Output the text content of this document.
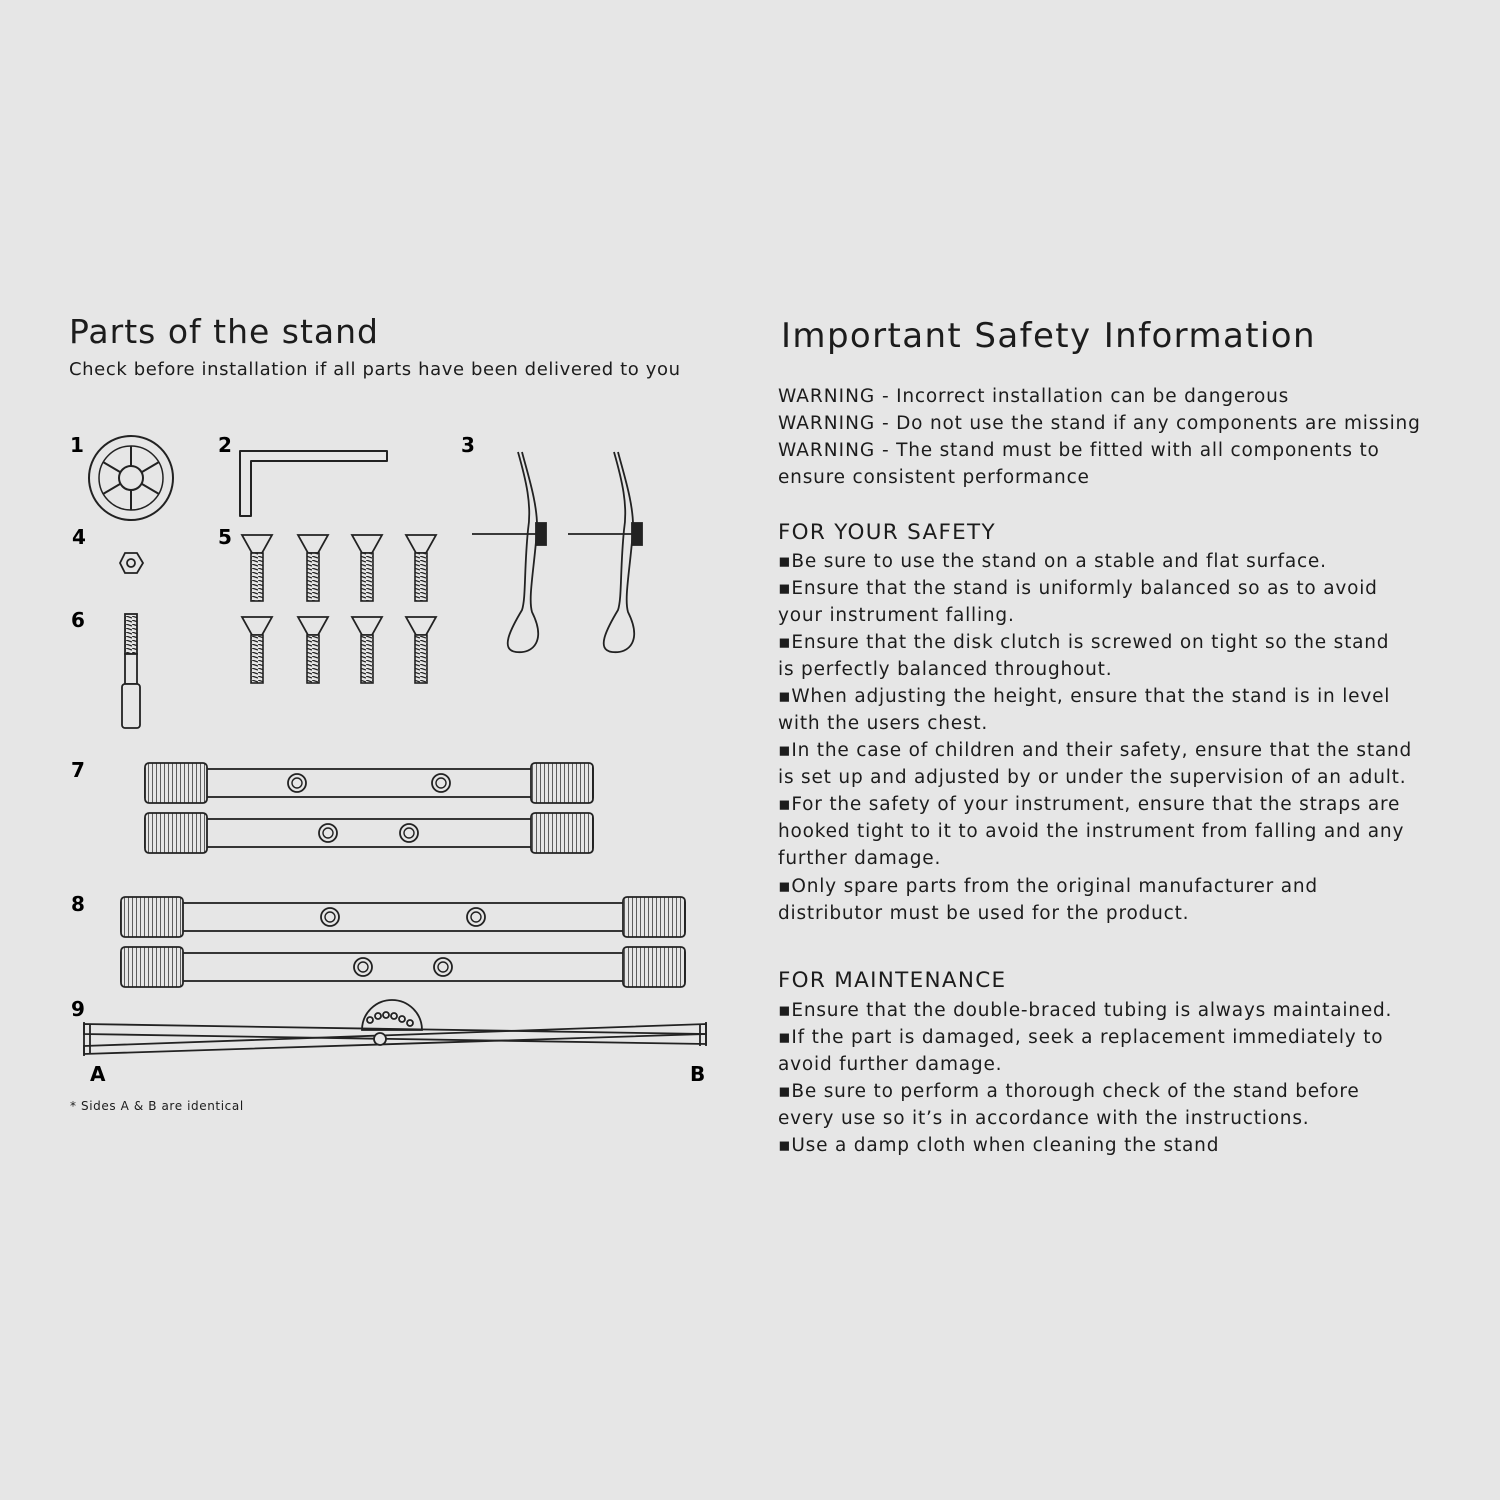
Parts of the stand
Check before installation if all parts have been delivered to you
1	2	3
4	5
6
7
8
9
A	B
* Sides A & B are identical
Important Safety Information
WARNING - Incorrect installation can be dangerous
WARNING - Do not use the stand if any components are missing
WARNING - The stand must be fitted with all components to
ensure consistent performance
FOR YOUR SAFETY
▪Be sure to use the stand on a stable and flat surface.
▪Ensure that the stand is uniformly balanced so as to avoid
your instrument falling.
▪Ensure that the disk clutch is screwed on tight so the stand
is perfectly balanced throughout.
▪When adjusting the height, ensure that the stand is in level
with the users chest.
▪In the case of children and their safety, ensure that the stand
is set up and adjusted by or under the supervision of an adult.
▪For the safety of your instrument, ensure that the straps are
hooked tight to it to avoid the instrument from falling and any
further damage.
▪Only spare parts from the original manufacturer and
distributor must be used for the product.
FOR MAINTENANCE
▪Ensure that the double-braced tubing is always maintained.
▪If the part is damaged, seek a replacement immediately to
avoid further damage.
▪Be sure to perform a thorough check of the stand before
every use so it’s in accordance with the instructions.
▪Use a damp cloth when cleaning the stand
